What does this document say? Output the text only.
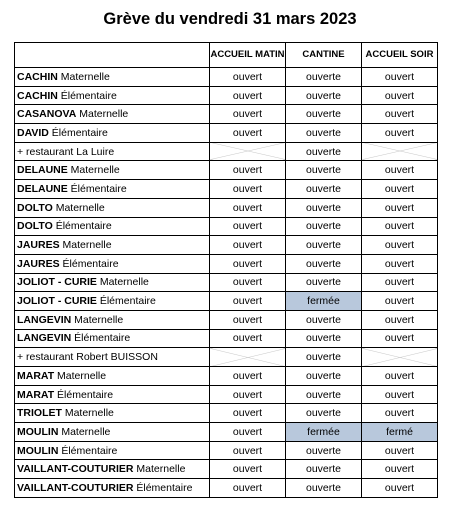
Grève du vendredi 31 mars 2023
	ACCUEIL MATIN	CANTINE	ACCUEIL SOIR
CACHIN Maternelle	ouvert	ouverte	ouvert
CACHIN Élémentaire	ouvert	ouverte	ouvert
CASANOVA Maternelle	ouvert	ouverte	ouvert
DAVID Élémentaire	ouvert	ouverte	ouvert
+ restaurant La Luire		ouverte	
DELAUNE Maternelle	ouvert	ouverte	ouvert
DELAUNE Élémentaire	ouvert	ouverte	ouvert
DOLTO Maternelle	ouvert	ouverte	ouvert
DOLTO Élémentaire	ouvert	ouverte	ouvert
JAURES Maternelle	ouvert	ouverte	ouvert
JAURES Élémentaire	ouvert	ouverte	ouvert
JOLIOT - CURIE Maternelle	ouvert	ouverte	ouvert
JOLIOT - CURIE Élémentaire	ouvert	fermée	ouvert
LANGEVIN Maternelle	ouvert	ouverte	ouvert
LANGEVIN Élémentaire	ouvert	ouverte	ouvert
+ restaurant Robert BUISSON		ouverte	
MARAT Maternelle	ouvert	ouverte	ouvert
MARAT Élémentaire	ouvert	ouverte	ouvert
TRIOLET Maternelle	ouvert	ouverte	ouvert
MOULIN Maternelle	ouvert	fermée	fermé
MOULIN Élémentaire	ouvert	ouverte	ouvert
VAILLANT-COUTURIER Maternelle	ouvert	ouverte	ouvert
VAILLANT-COUTURIER Élémentaire	ouvert	ouverte	ouvert
